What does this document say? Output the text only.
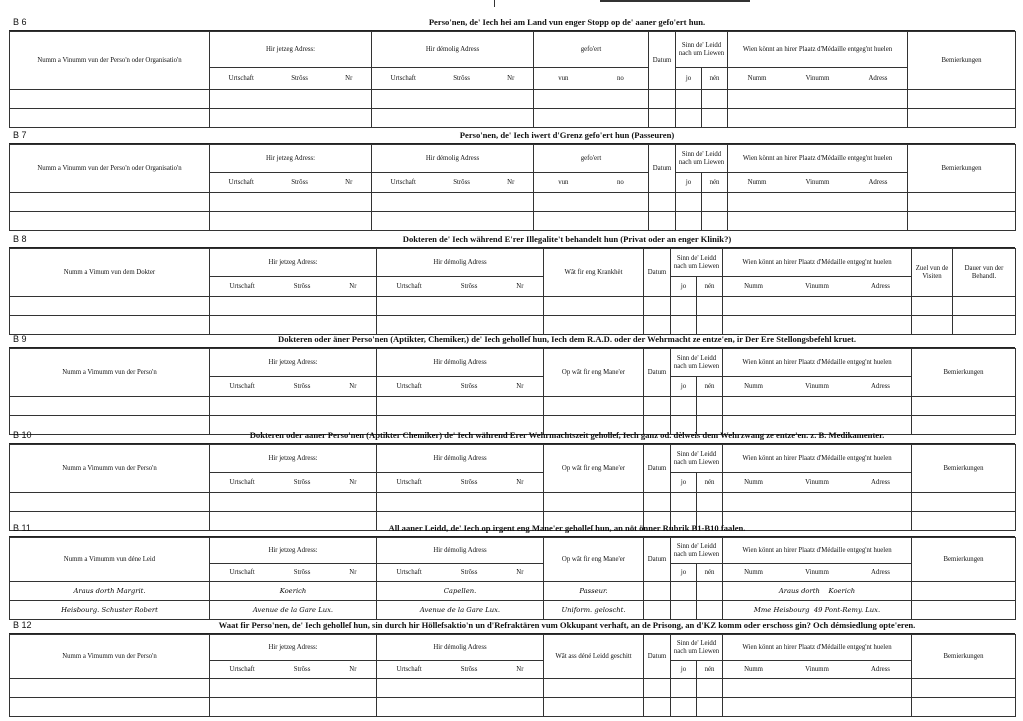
B 6	Perso'nen, de' Iech hei am Land vun enger Stopp op de' aaner gefo'ert hun.
Numm a Vinumm vun der Perso'n oder Organisatio'n	Hir jetzeg Adress:	Hir démolig Adress	gefo'ert	Datum	Sinn de' Leidd nach um Liewen		Wien könnt an hirer Plaatz d'Médaille entgeg'nt huelen	Bemierkungen

	Urtschaft Strôss Nr	Urtschaft Strôss Nr	vun no		jo	nén	Numm Vinumm Adress	

B 7	Perso'nen, de' Iech iwert d'Grenz gefo'ert hun (Passeuren)
Numm a Vinumm vun der Perso'n oder Organisatio'n	Hir jetzeg Adress:	Hir démolig Adress	gefo'ert	Datum	Sinn de' Leidd nach um Liewen		Wien könnt an hirer Plaatz d'Médaille entgeg'nt huelen	Bemierkungen

	Urtschaft Strôss Nr	Urtschaft Strôss Nr	vun no		jo	nén	Numm Vinumm Adress	

B 8	Dokteren de' Iech während E'rer Illegalite't behandelt hun (Privat oder an enger Klinik?)
Numm a Vimum vun dem Dokter	Hir jetzeg Adress:	Hir démolig Adress	Wât fir eng Krankhèt	Datum	Sinn de' Leidd nach um Liewen		Wien könnt an hirer Plaatz d'Médaille entgeg'nt huelen	Zuel vun de Visiten	Dauer vun der Behandl.

	Urtschaft Strôss Nr	Urtschaft Strôss Nr			jo	nén	Numm Vinumm Adress		

B 9	Dokteren oder äner Perso'nen (Aptikter, Chemiker,) de' Iech geholleſ hun, Iech dem R.A.D. oder der Wehrmacht ze entze'en, ir Der Ere Stellongsbefehl kruet.
Numm a Vimumm vun der Perso'n	Hir jetzeg Adress:	Hir démolig Adress	Op wât fir eng Mane'er	Datum	Sinn de' Leidd nach um Liewen		Wien könnt an hirer Plaatz d'Médaille entgeg'nt huelen	Bemierkungen

	Urtschaft Strôss Nr	Urtschaft Strôss Nr			jo	nén	Numm Vinumm Adress	

B 10	Dokteren oder aaner Perso'nen (Aptikter Chemiker) de' Iech während Erer Wehrmachtszeit geholleſ, Iech ganz od. dèlweis dem Wehrzwang ze entze'en. z. B. Medikamenter.
Numm a Vimumm vun der Perso'n	Hir jetzeg Adress:	Hir démolig Adress	Op wât fir eng Mane'er	Datum	Sinn de' Leidd nach um Liewen		Wien könnt an hirer Plaatz d'Médaille entgeg'nt huelen	Bemierkungen

	Urtschaft Strôss Nr	Urtschaft Strôss Nr			jo	nén	Numm Vinumm Adress	

B 11	All aaner Leidd, de' Iech op irgent eng Mane'er geholleſ hun, an nöt önner Rubrik B1-B10 faalen.
Numm a Vimumm vun déne Leid	Hir jetzeg Adress:	Hir démolig Adress	Op wât fir eng Mane'er	Datum	Sinn de' Leidd nach um Liewen		Wien könnt an hirer Plaatz d'Médaille entgeg'nt huelen	Bemierkungen

	Urtschaft Strôss Nr	Urtschaft Strôss Nr			jo	nén	Numm Vinumm Adress	

Araus dorth Margrit.	Koerich	Capellen.	Passeur.				Araus dorth Koerich	
Heisbourg. Schuster Robert	Avenue de la Gare Lux.	Avenue de la Gare Lux.	Uniform. geloscht.				Mme Heisbourg 49 Pont-Remy. Lux.	
B 12	Waat fir Perso'nen, de' Iech geholleſ hun, sin durch hir Höllefsaktio'n un d'Refraktären vum Okkupant verhaft, an de Prisong, an d'KZ komm oder erschoss gin? Och démsiedlung opte'eren.
Numm a Vimumm vun der Perso'n	Hir jetzeg Adress:	Hir démolig Adress	Wât ass déné Leidd geschitt	Datum	Sinn de' Leidd nach um Liewen		Wien könnt an hirer Plaatz d'Médaille entgeg'nt huelen	Bemierkungen

	Urtschaft Strôss Nr	Urtschaft Strôss Nr			jo	nén	Numm Vinumm Adress	
